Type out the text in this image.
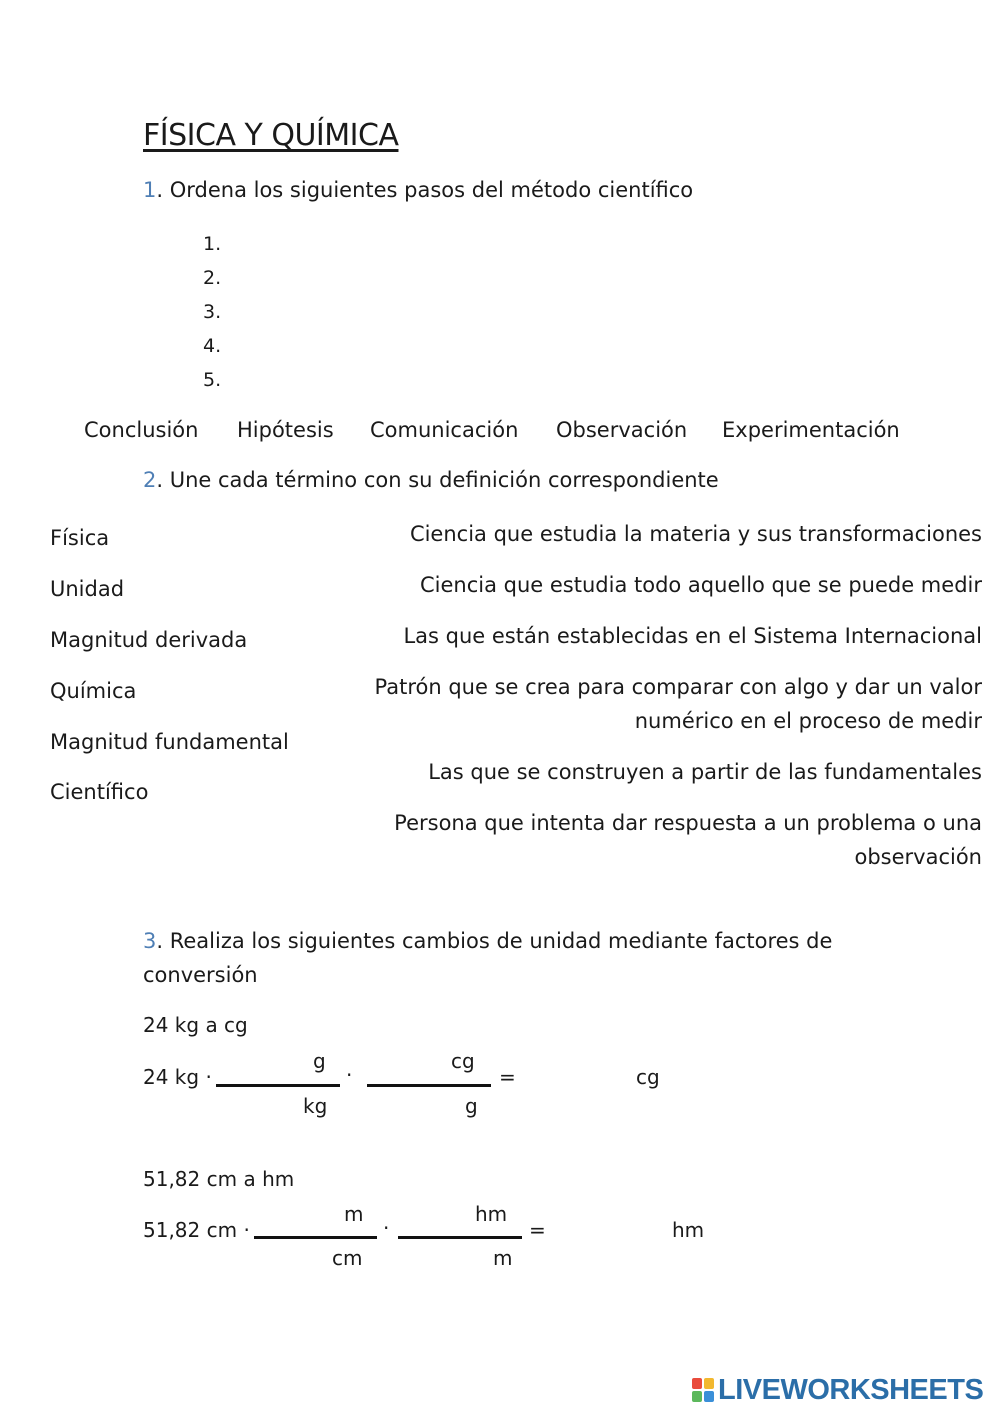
FÍSICA Y QUÍMICA
1. Ordena los siguientes pasos del método científico
1.
2.
3.
4.
5.
Conclusión Hipótesis Comunicación Observación Experimentación
2. Une cada término con su definición correspondiente
Física
Unidad
Magnitud derivada
Química
Magnitud fundamental
Científico
Ciencia que estudia la materia y sus transformaciones
Ciencia que estudia todo aquello que se puede medir
Las que están establecidas en el Sistema Internacional
Patrón que se crea para comparar con algo y dar un valor numérico en el proceso de medir
Las que se construyen a partir de las fundamentales
Persona que intenta dar respuesta a un problema o una observación
3. Realiza los siguientes cambios de unidad mediante factores de conversión
24 kg a cg
24 kg ·
g
kg
·
cg
g
=	cg
51,82 cm a hm
51,82 cm ·
m
cm
·
hm
m
=	hm
LIVEWORKSHEETS
